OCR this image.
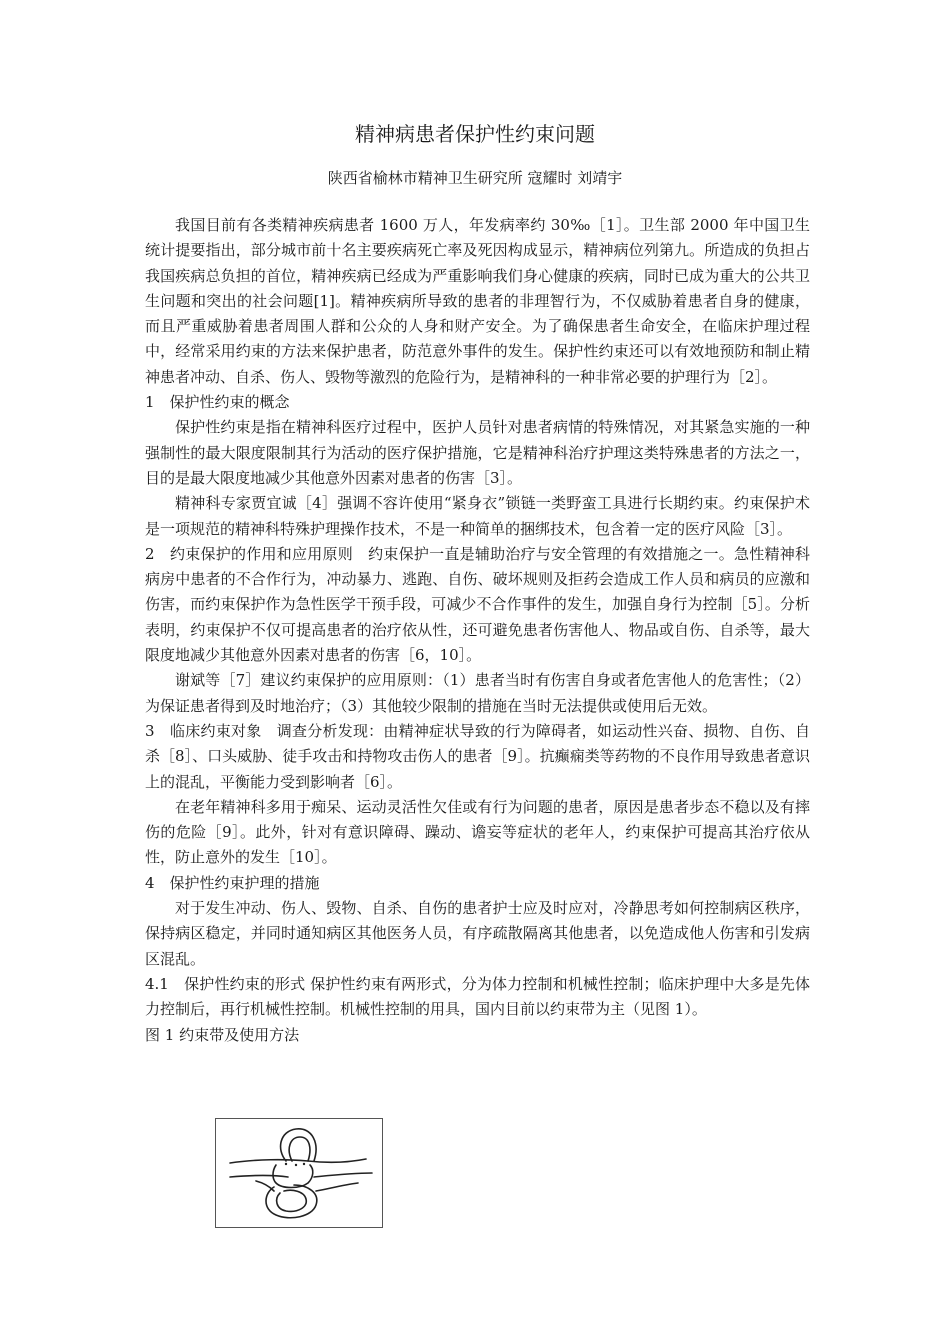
精神病患者保护性约束问题
陕西省榆林市精神卫生研究所 寇耀时 刘靖宇

我国目前有各类精神疾病患者 1600 万人，年发病率约 30‰［1］。卫生部 2000 年中国卫生统计提要指出，部分城市前十名主要疾病死亡率及死因构成显示，精神病位列第九。所造成的负担占我国疾病总负担的首位，精神疾病已经成为严重影响我们身心健康的疾病，同时已成为重大的公共卫生问题和突出的社会问题[1]。精神疾病所导致的患者的非理智行为，不仅威胁着患者自身的健康，而且严重威胁着患者周围人群和公众的人身和财产安全。为了确保患者生命安全，在临床护理过程中，经常采用约束的方法来保护患者，防范意外事件的发生。保护性约束还可以有效地预防和制止精神患者冲动、自杀、伤人、毁物等激烈的危险行为，是精神科的一种非常必要的护理行为［2］。

1　保护性约束的概念

保护性约束是指在精神科医疗过程中，医护人员针对患者病情的特殊情况，对其紧急实施的一种强制性的最大限度限制其行为活动的医疗保护措施，它是精神科治疗护理这类特殊患者的方法之一，目的是最大限度地减少其他意外因素对患者的伤害［3］。

精神科专家贾宜诚［4］强调不容许使用“紧身衣”锁链一类野蛮工具进行长期约束。约束保护术是一项规范的精神科特殊护理操作技术，不是一种简单的捆绑技术，包含着一定的医疗风险［3］。

2　约束保护的作用和应用原则　约束保护一直是辅助治疗与安全管理的有效措施之一。急性精神科病房中患者的不合作行为，冲动暴力、逃跑、自伤、破坏规则及拒药会造成工作人员和病员的应激和伤害，而约束保护作为急性医学干预手段，可减少不合作事件的发生，加强自身行为控制［5］。分析表明，约束保护不仅可提高患者的治疗依从性，还可避免患者伤害他人、物品或自伤、自杀等，最大限度地减少其他意外因素对患者的伤害［6，10］。

谢斌等［7］建议约束保护的应用原则：（1）患者当时有伤害自身或者危害他人的危害性；（2）为保证患者得到及时地治疗；（3）其他较少限制的措施在当时无法提供或使用后无效。

3　临床约束对象　调查分析发现：由精神症状导致的行为障碍者，如运动性兴奋、损物、自伤、自杀［8］、口头威胁、徒手攻击和持物攻击伤人的患者［9］。抗癫痫类等药物的不良作用导致患者意识上的混乱，平衡能力受到影响者［6］。

在老年精神科多用于痴呆、运动灵活性欠佳或有行为问题的患者，原因是患者步态不稳以及有摔伤的危险［9］。此外，针对有意识障碍、躁动、谵妄等症状的老年人，约束保护可提高其治疗依从性，防止意外的发生［10］。

4　保护性约束护理的措施

对于发生冲动、伤人、毁物、自杀、自伤的患者护士应及时应对，冷静思考如何控制病区秩序，保持病区稳定，并同时通知病区其他医务人员，有序疏散隔离其他患者，以免造成他人伤害和引发病区混乱。

4.1　保护性约束的形式 保护性约束有两形式，分为体力控制和机械性控制；临床护理中大多是先体力控制后，再行机械性控制。机械性控制的用具，国内目前以约束带为主（见图 1）。

图 1 约束带及使用方法
